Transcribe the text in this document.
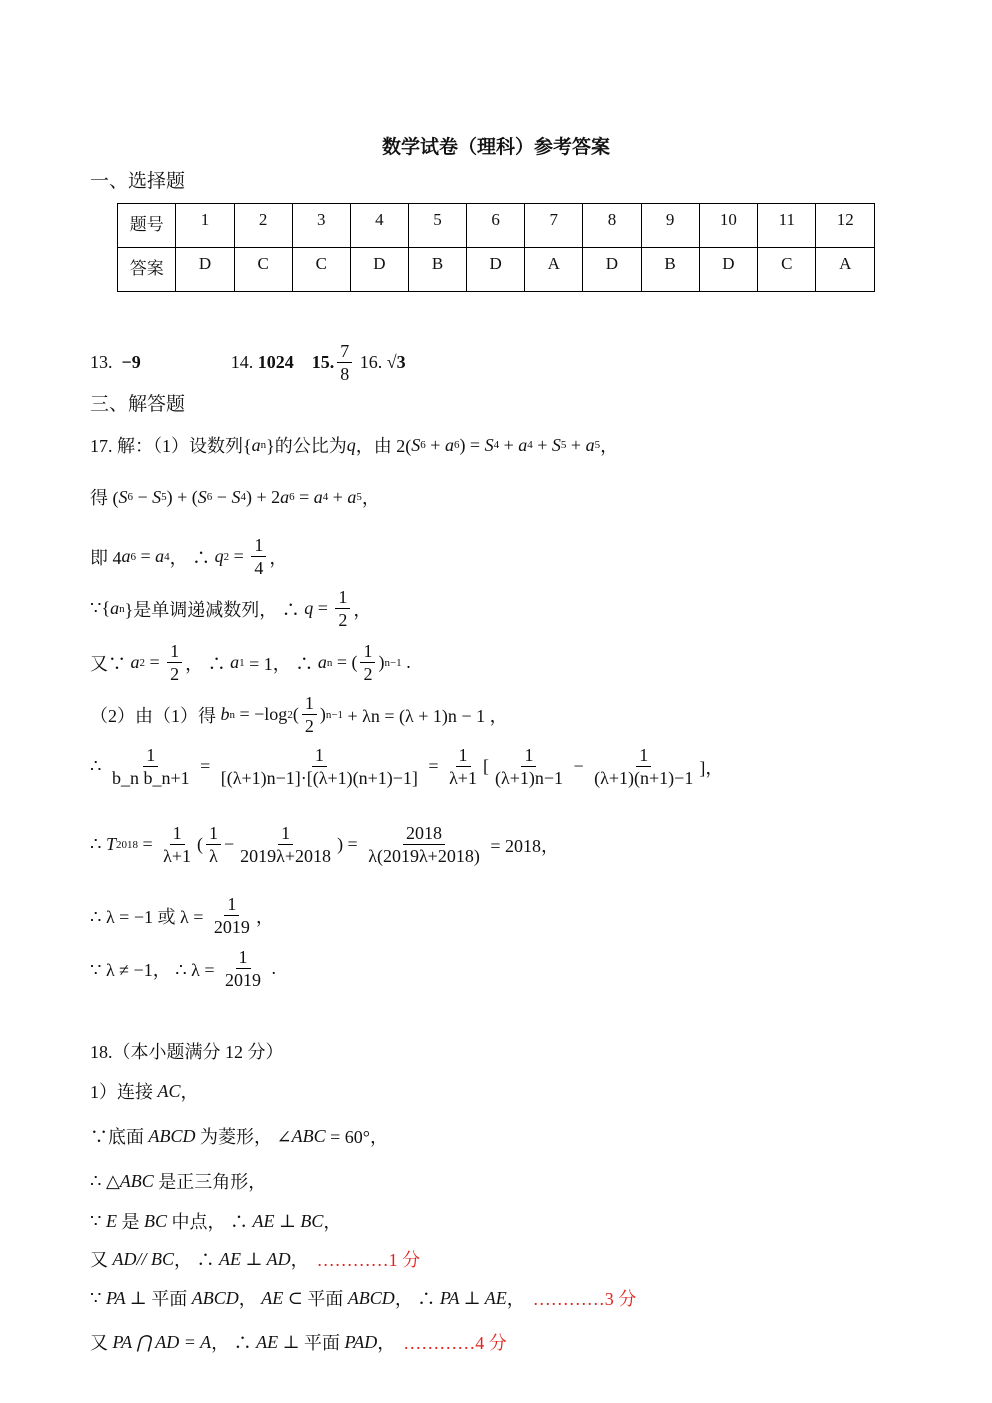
数学试卷（理科）参考答案
一、选择题
题号	1	2	3	4	5	6	7	8	9	10	11	12
答案	D	C	C	D	B	D	A	D	B	D	C	A
三、解答题
13. −9 14. 1024
15. $\frac{7}{8} 16$. √3
17. 解：（1）设数列{ a n }的公比为 q ，由 2( S 6 + a 6 ) = S 4 + a 4 + S 5 + a 5 ，
得 ( S 6 − S 5 ) + ( S 6 − S 4 ) + 2 a 6 = a 4 + a 5 ，
即 4 a 6 = a 4 ， ∴ q $2 = \frac{1}{4}$ ，
∵{ a n }是单调递减数列， ∴ $q = \frac{1}{2}$ ，
又∵ a $2 = \frac{1}{2}$ ， ∴ a 1 = 1， ∴ a n = ( $\frac{1}{2}$ ) n−1 .
（2）由（1）得 b n = −log 2 ( $\frac{1}{2}$ ) n−1 + λn = (λ + 1)n − 1 ，
∴ $\frac{1}{\text{b\_n b\_n+1}} = \frac{1}{[(\lambda+1)n-1]\cdot[(\lambda+1)(n+1)-1]} = \frac{1}{\lambda+1}$ [ $\frac{1}{(\lambda+1)n-1} - \frac{1}{(\lambda+1)(n+1)-1}$ ]，
∴ T $2018 = \frac{1}{\lambda+1}$ ( $\frac{1}{\lambda} - \frac{1}{2019\lambda+2018}$ ) = $\frac{2018}{\lambda(2019\lambda+2018)} = 2018$，
∴ λ = −1 或 $\lambda = \frac{1}{2019}$ ，
∵ λ ≠ −1， ∴ $\lambda = \frac{1}{2019}$ .
18.（本小题满分 12 分）
1）连接 AC ，
∵底面 ABCD 为菱形， ∠ ABC = 60°，
∴ △ ABC 是正三角形，
∵ E 是 BC 中点， ∴ AE ⊥ BC ，
又 AD// BC ， ∴ AE ⊥ AD ， …………1 分
∵ PA ⊥ 平面 ABCD ， AE ⊂ 平面 ABCD ， ∴ PA ⊥ AE ， …………3 分
又 PA ⋂ AD = A ， ∴ AE ⊥ 平面 PAD ， …………4 分
